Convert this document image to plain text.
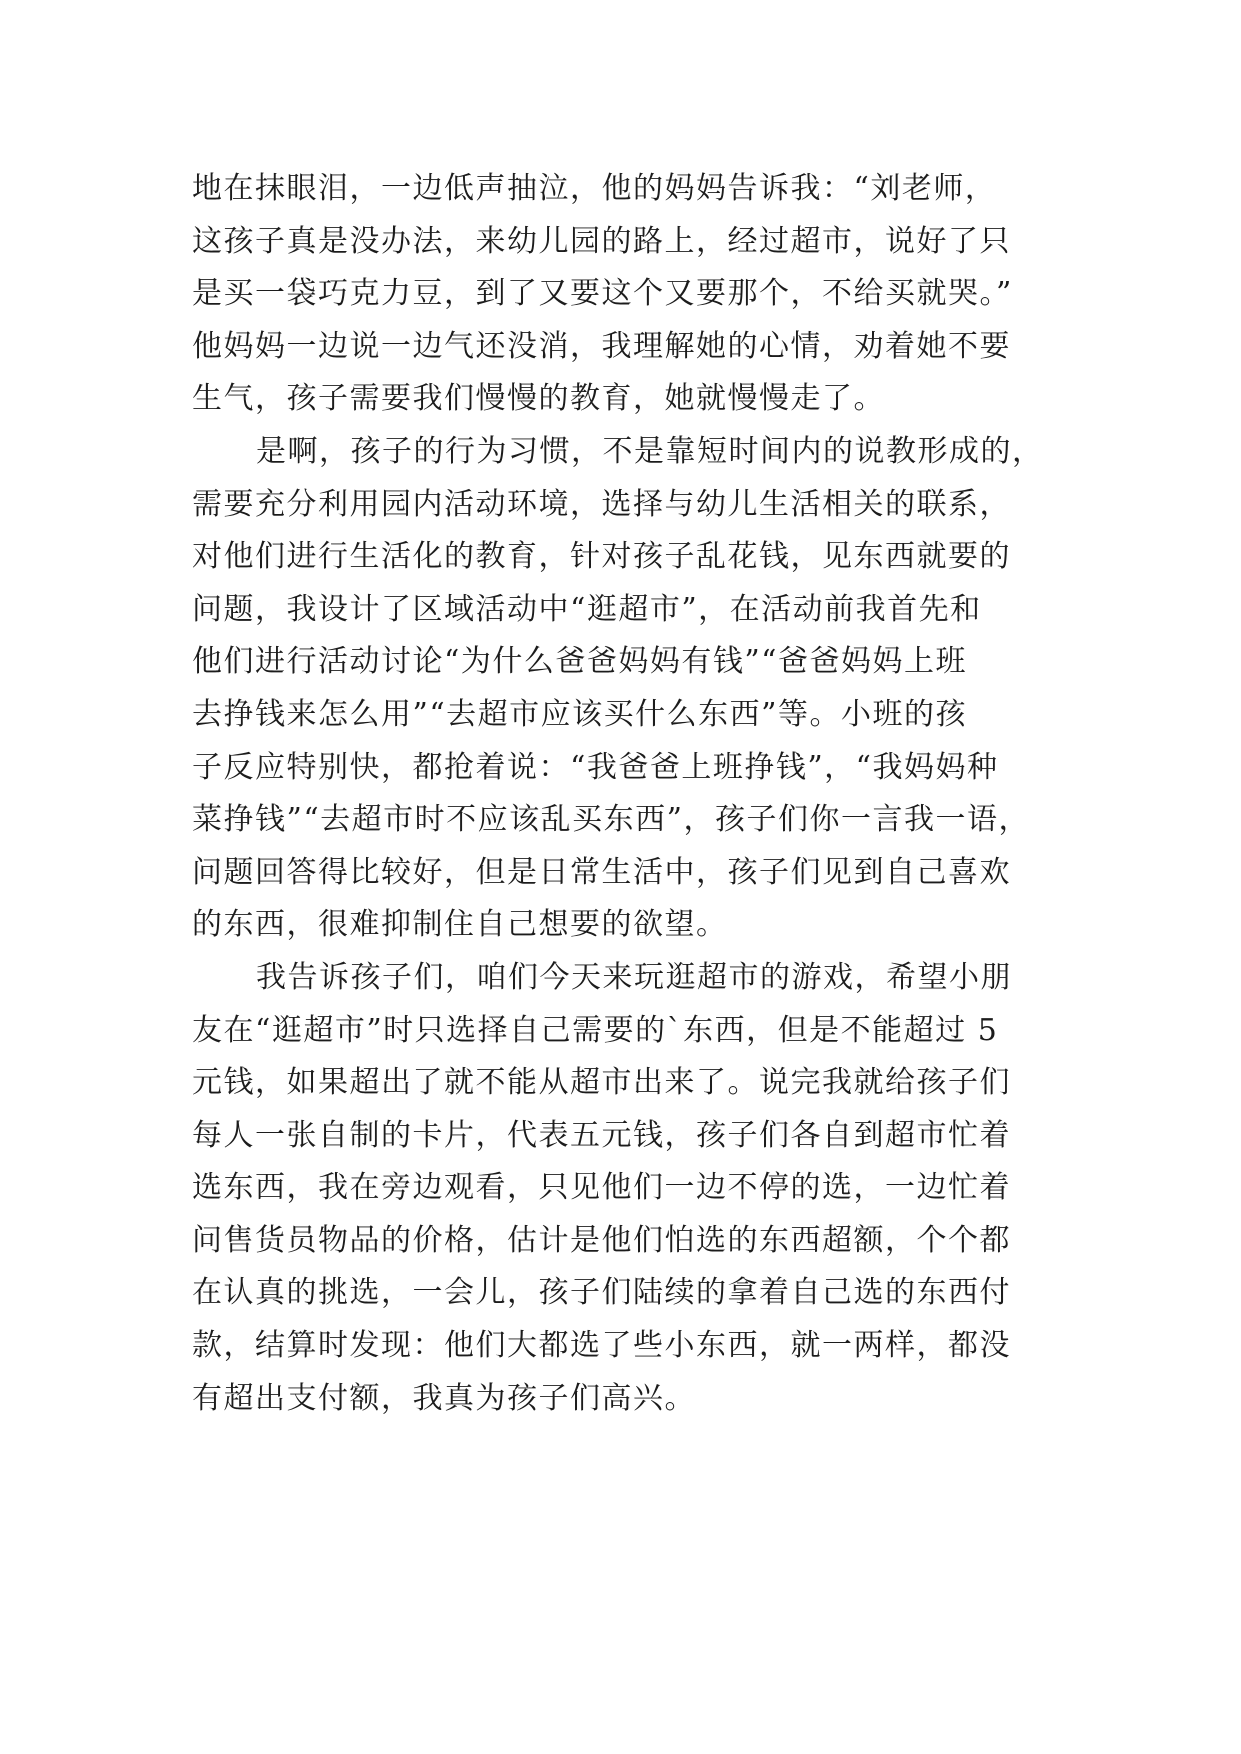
地在抹眼泪，一边低声抽泣，他的妈妈告诉我：“刘老师，
这孩子真是没办法，来幼儿园的路上，经过超市，说好了只
是买一袋巧克力豆，到了又要这个又要那个，不给买就哭。”
他妈妈一边说一边气还没消，我理解她的心情，劝着她不要
生气，孩子需要我们慢慢的教育，她就慢慢走了。
是啊，孩子的行为习惯，不是靠短时间内的说教形成的，
需要充分利用园内活动环境，选择与幼儿生活相关的联系，
对他们进行生活化的教育，针对孩子乱花钱，见东西就要的
问题，我设计了区域活动中“逛超市”，在活动前我首先和
他们进行活动讨论“为什么爸爸妈妈有钱”“爸爸妈妈上班
去挣钱来怎么用”“去超市应该买什么东西”等。小班的孩
子反应特别快，都抢着说：“我爸爸上班挣钱”，“我妈妈种
菜挣钱”“去超市时不应该乱买东西”，孩子们你一言我一语，
问题回答得比较好，但是日常生活中，孩子们见到自己喜欢
的东西，很难抑制住自己想要的欲望。
我告诉孩子们，咱们今天来玩逛超市的游戏，希望小朋
友在“逛超市”时只选择自己需要的`东西，但是不能超过 5
元钱，如果超出了就不能从超市出来了。说完我就给孩子们
每人一张自制的卡片，代表五元钱，孩子们各自到超市忙着
选东西，我在旁边观看，只见他们一边不停的选，一边忙着
问售货员物品的价格，估计是他们怕选的东西超额，个个都
在认真的挑选，一会儿，孩子们陆续的拿着自己选的东西付
款，结算时发现：他们大都选了些小东西，就一两样，都没
有超出支付额，我真为孩子们高兴。
